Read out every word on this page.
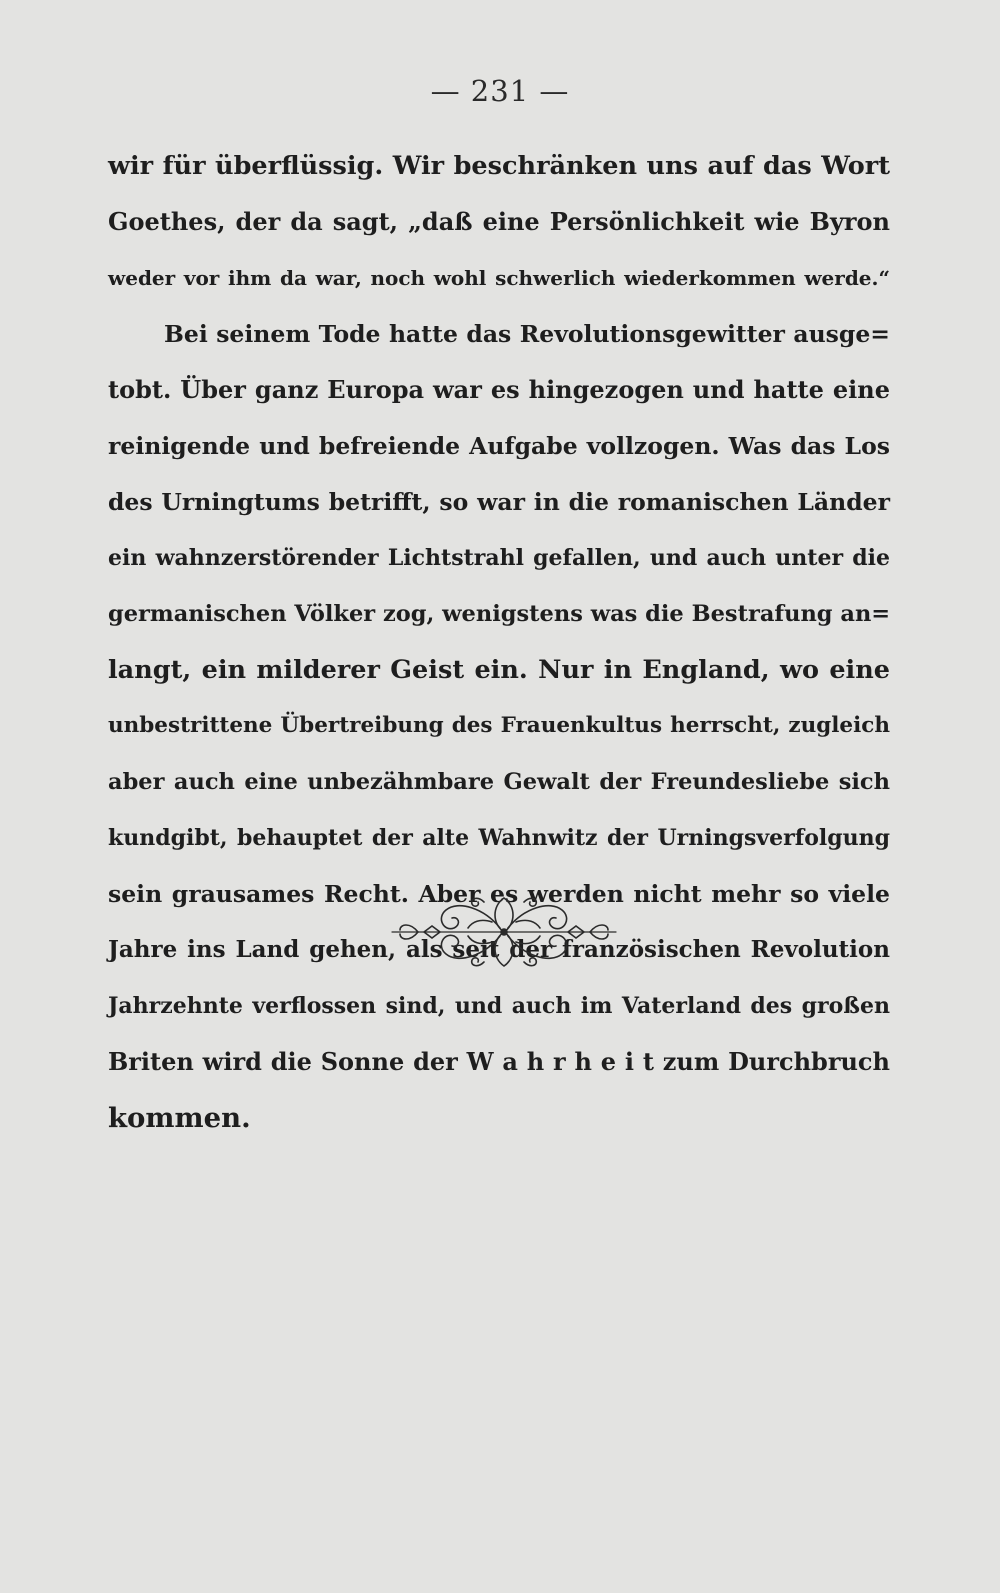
— 231 —
wir für überflüssig. Wir beschränken uns auf das Wort
Goethes, der da sagt, „daß eine Persönlichkeit wie Byron
weder vor ihm da war, noch wohl schwerlich wiederkommen werde.“
Bei seinem Tode hatte das Revolutionsgewitter ausge=
tobt. Über ganz Europa war es hingezogen und hatte eine
reinigende und befreiende Aufgabe vollzogen. Was das Los
des Urningtums betrifft, so war in die romanischen Länder
ein wahnzerstörender Lichtstrahl gefallen, und auch unter die
germanischen Völker zog, wenigstens was die Bestrafung an=
langt, ein milderer Geist ein. Nur in England, wo eine
unbestrittene Übertreibung des Frauenkultus herrscht, zugleich
aber auch eine unbezähmbare Gewalt der Freundesliebe sich
kundgibt, behauptet der alte Wahnwitz der Urningsverfolgung
sein grausames Recht. Aber es werden nicht mehr so viele
Jahre ins Land gehen, als seit der französischen Revolution
Jahrzehnte verflossen sind, und auch im Vaterland des großen
Briten wird die Sonne der W a h r h e i t zum Durchbruch
kommen.
